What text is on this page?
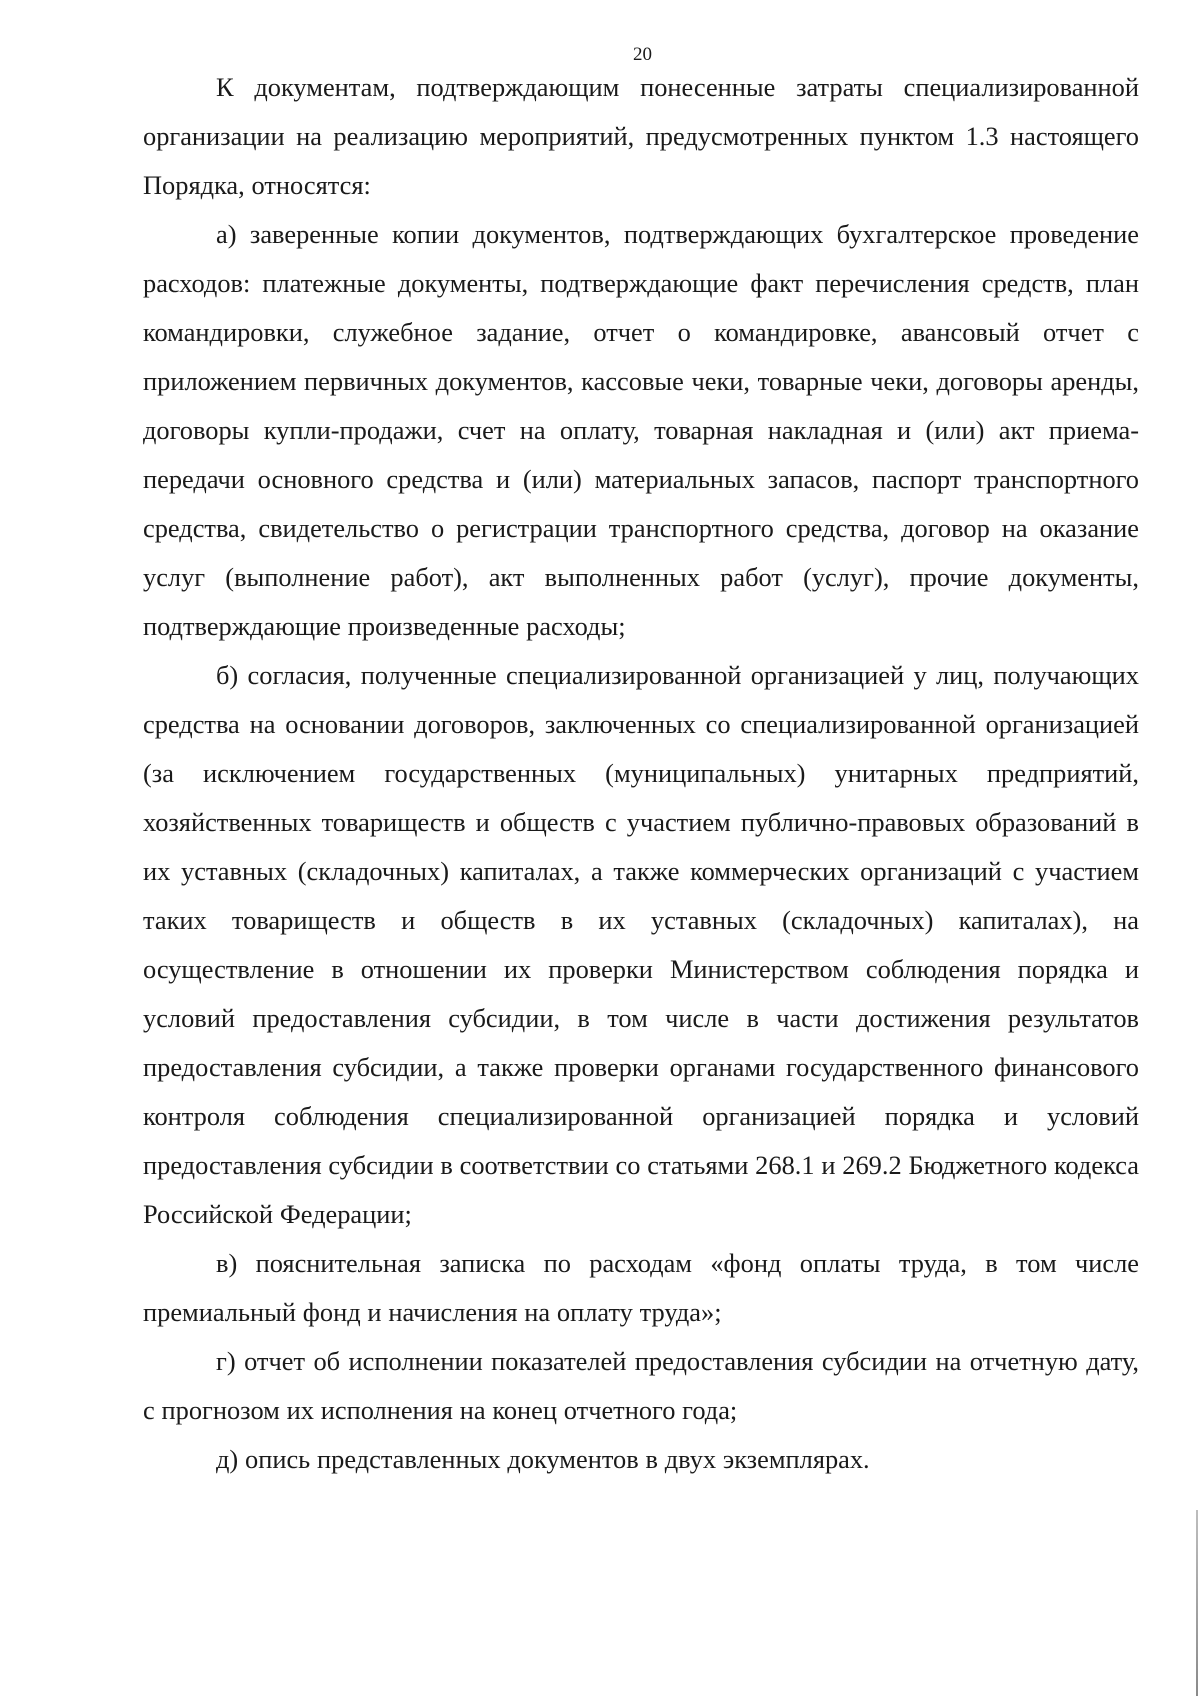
20

К документам, подтверждающим понесенные затраты специализированной организации на реализацию мероприятий, предусмотренных пунктом 1.3 настоящего Порядка, относятся:

а) заверенные копии документов, подтверждающих бухгалтерское проведение расходов: платежные документы, подтверждающие факт перечисления средств, план командировки, служебное задание, отчет о командировке, авансовый отчет с приложением первичных документов, кассовые чеки, товарные чеки, договоры аренды, договоры купли-продажи, счет на оплату, товарная накладная и (или) акт приема-передачи основного средства и (или) материальных запасов, паспорт транспортного средства, свидетельство о регистрации транспортного средства, договор на оказание услуг (выполнение работ), акт выполненных работ (услуг), прочие документы, подтверждающие произведенные расходы;

б) согласия, полученные специализированной организацией у лиц, получающих средства на основании договоров, заключенных со специализированной организацией (за исключением государственных (муниципальных) унитарных предприятий, хозяйственных товариществ и обществ с участием публично-правовых образований в их уставных (складочных) капиталах, а также коммерческих организаций с участием таких товариществ и обществ в их уставных (складочных) капиталах), на осуществление в отношении их проверки Министерством соблюдения порядка и условий предоставления субсидии, в том числе в части достижения результатов предоставления субсидии, а также проверки органами государственного финансового контроля соблюдения специализированной организацией порядка и условий предоставления субсидии в соответствии со статьями 268.1 и 269.2 Бюджетного кодекса Российской Федерации;

в) пояснительная записка по расходам «фонд оплаты труда, в том числе премиальный фонд и начисления на оплату труда»;

г) отчет об исполнении показателей предоставления субсидии на отчетную дату, с прогнозом их исполнения на конец отчетного года;

д) опись представленных документов в двух экземплярах.
